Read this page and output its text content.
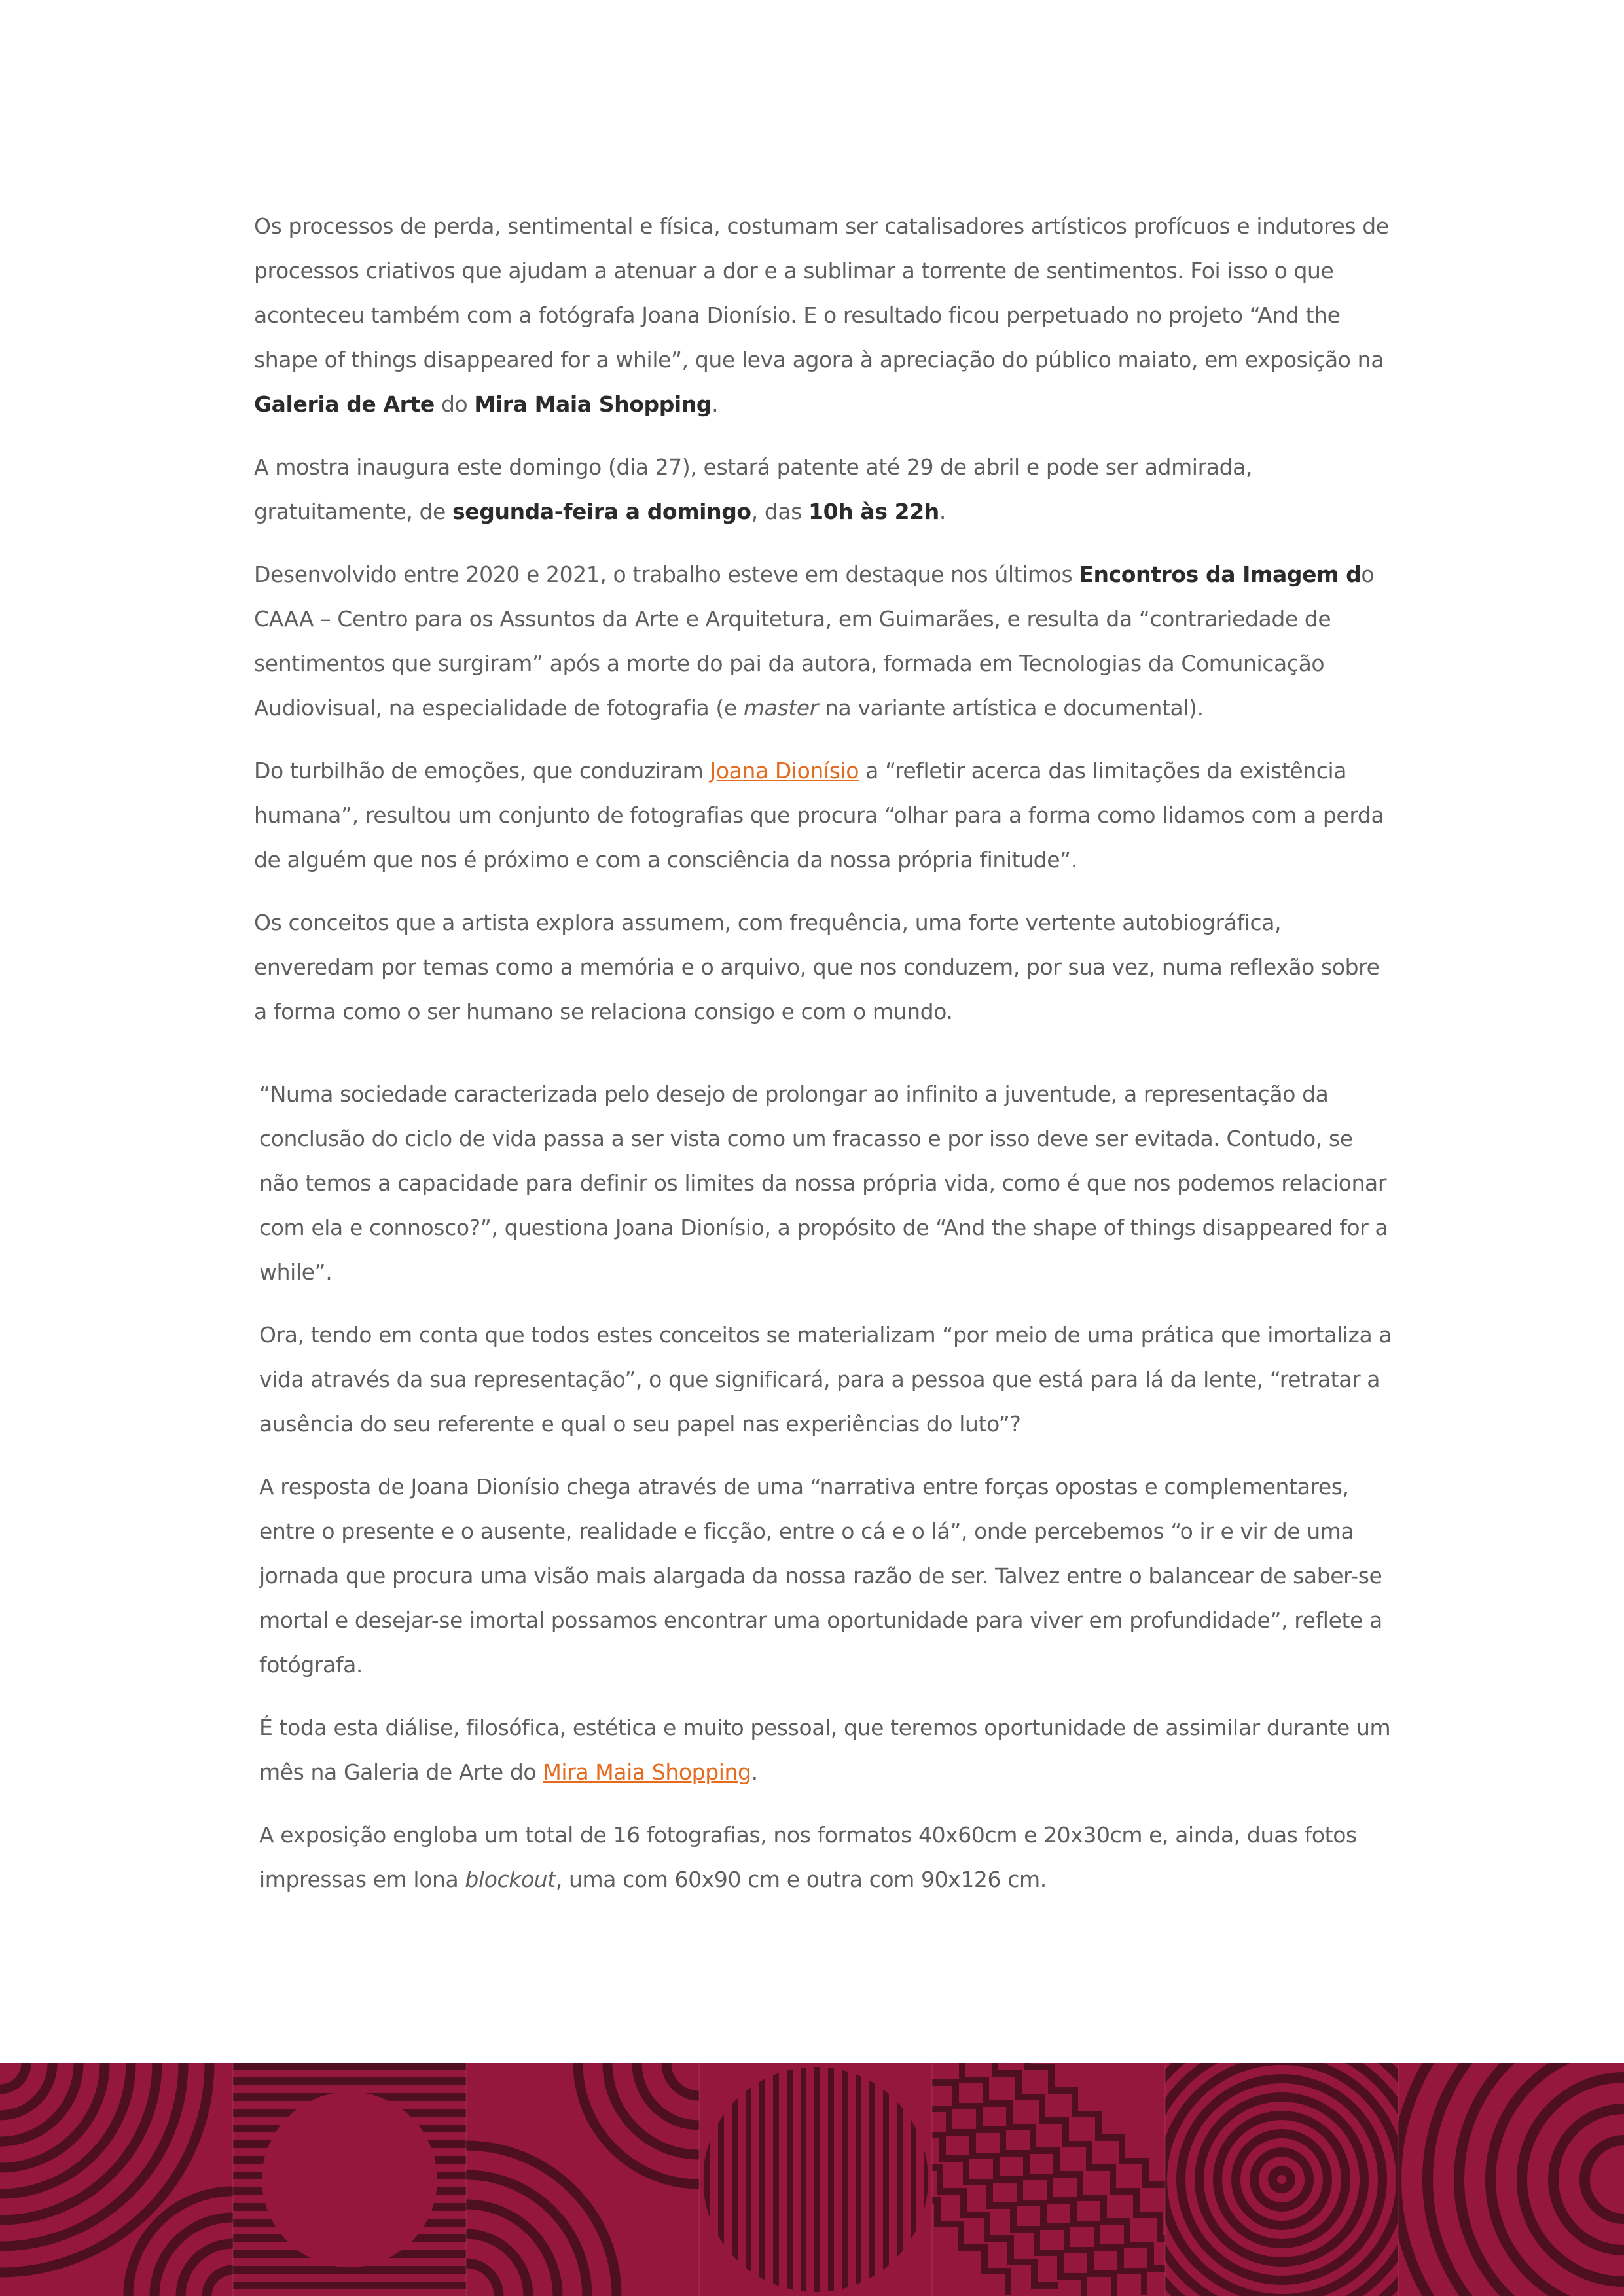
Os processos de perda, sentimental e física, costumam ser catalisadores artísticos profícuos e indutores de processos criativos que ajudam a atenuar a dor e a sublimar a torrente de sentimentos. Foi isso o que aconteceu também com a fotógrafa Joana Dionísio. E o resultado ficou perpetuado no projeto “And the shape of things disappeared for a while”, que leva agora à apreciação do público maiato, em exposição na Galeria de Arte do Mira Maia Shopping.

A mostra inaugura este domingo (dia 27), estará patente até 29 de abril e pode ser admirada, gratuitamente, de segunda-feira a domingo, das 10h às 22h.

Desenvolvido entre 2020 e 2021, o trabalho esteve em destaque nos últimos Encontros da Imagem do CAAA – Centro para os Assuntos da Arte e Arquitetura, em Guimarães, e resulta da “contrariedade de sentimentos que surgiram” após a morte do pai da autora, formada em Tecnologias da Comunicação Audiovisual, na especialidade de fotografia (e master na variante artística e documental).

Do turbilhão de emoções, que conduziram Joana Dionísio a “refletir acerca das limitações da existência humana”, resultou um conjunto de fotografias que procura “olhar para a forma como lidamos com a perda de alguém que nos é próximo e com a consciência da nossa própria finitude”.

Os conceitos que a artista explora assumem, com frequência, uma forte vertente autobiográfica, enveredam por temas como a memória e o arquivo, que nos conduzem, por sua vez, numa reflexão sobre a forma como o ser humano se relaciona consigo e com o mundo.

“Numa sociedade caracterizada pelo desejo de prolongar ao infinito a juventude, a representação da conclusão do ciclo de vida passa a ser vista como um fracasso e por isso deve ser evitada. Contudo, se não temos a capacidade para definir os limites da nossa própria vida, como é que nos podemos relacionar com ela e connosco?”, questiona Joana Dionísio, a propósito de “And the shape of things disappeared for a while”.

Ora, tendo em conta que todos estes conceitos se materializam “por meio de uma prática que imortaliza a vida através da sua representação”, o que significará, para a pessoa que está para lá da lente, “retratar a ausência do seu referente e qual o seu papel nas experiências do luto”?

A resposta de Joana Dionísio chega através de uma “narrativa entre forças opostas e complementares, entre o presente e o ausente, realidade e ficção, entre o cá e o lá”, onde percebemos “o ir e vir de uma jornada que procura uma visão mais alargada da nossa razão de ser. Talvez entre o balancear de saber-se mortal e desejar-se imortal possamos encontrar uma oportunidade para viver em profundidade”, reflete a fotógrafa.

É toda esta diálise, filosófica, estética e muito pessoal, que teremos oportunidade de assimilar durante um mês na Galeria de Arte do Mira Maia Shopping.

A exposição engloba um total de 16 fotografias, nos formatos 40x60cm e 20x30cm e, ainda, duas fotos impressas em lona blockout, uma com 60x90 cm e outra com 90x126 cm.
